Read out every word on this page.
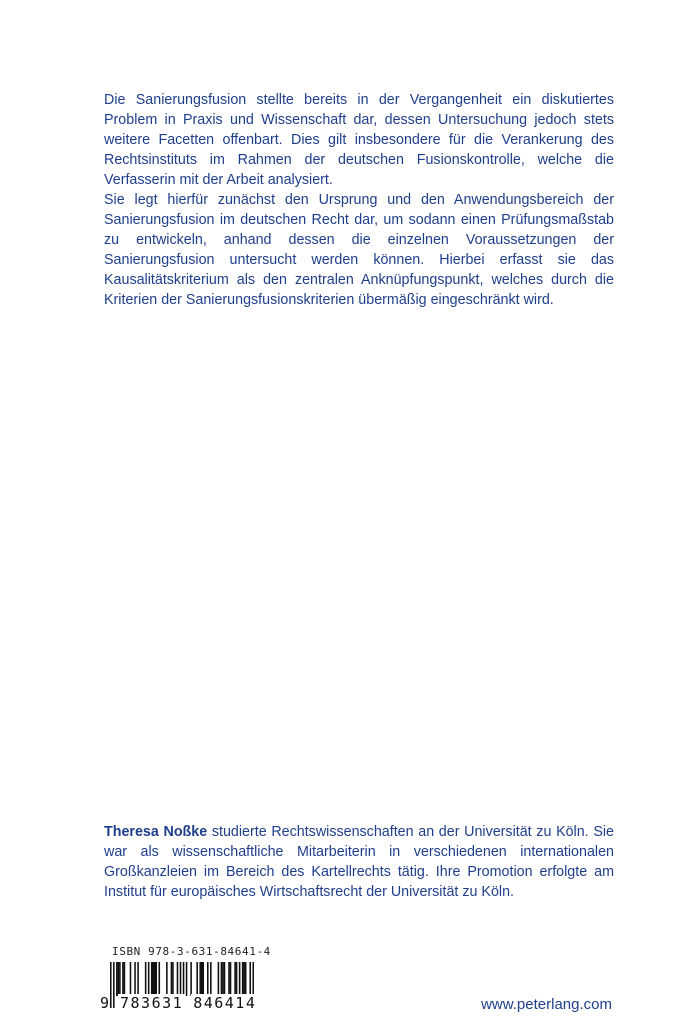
Die Sanierungsfusion stellte bereits in der Vergangenheit ein diskutiertes Problem in Praxis und Wissenschaft dar, dessen Untersuchung jedoch stets weitere Facetten offenbart. Dies gilt insbesondere für die Verankerung des Rechtsinstituts im Rahmen der deutschen Fusionskontrolle, welche die Verfasserin mit der Arbeit analysiert.

Sie legt hierfür zunächst den Ursprung und den Anwendungsbereich der Sanierungsfusion im deutschen Recht dar, um sodann einen Prüfungsmaßstab zu entwickeln, anhand dessen die einzelnen Voraussetzungen der Sanierungsfusion untersucht werden können. Hierbei erfasst sie das Kausalitätskriterium als den zentralen Anknüpfungspunkt, welches durch die Kriterien der Sanierungsfusionskriterien übermäßig eingeschränkt wird.

Theresa Noßke studierte Rechtswissenschaften an der Universität zu Köln. Sie war als wissenschaftliche Mitarbeiterin in verschiedenen internationalen Großkanzleien im Bereich des Kartellrechts tätig. Ihre Promotion erfolgte am Institut für europäisches Wirtschaftsrecht der Universität zu Köln.
ISBN 978-3-631-84641-4
9 783631 846414	www.peterlang.com
